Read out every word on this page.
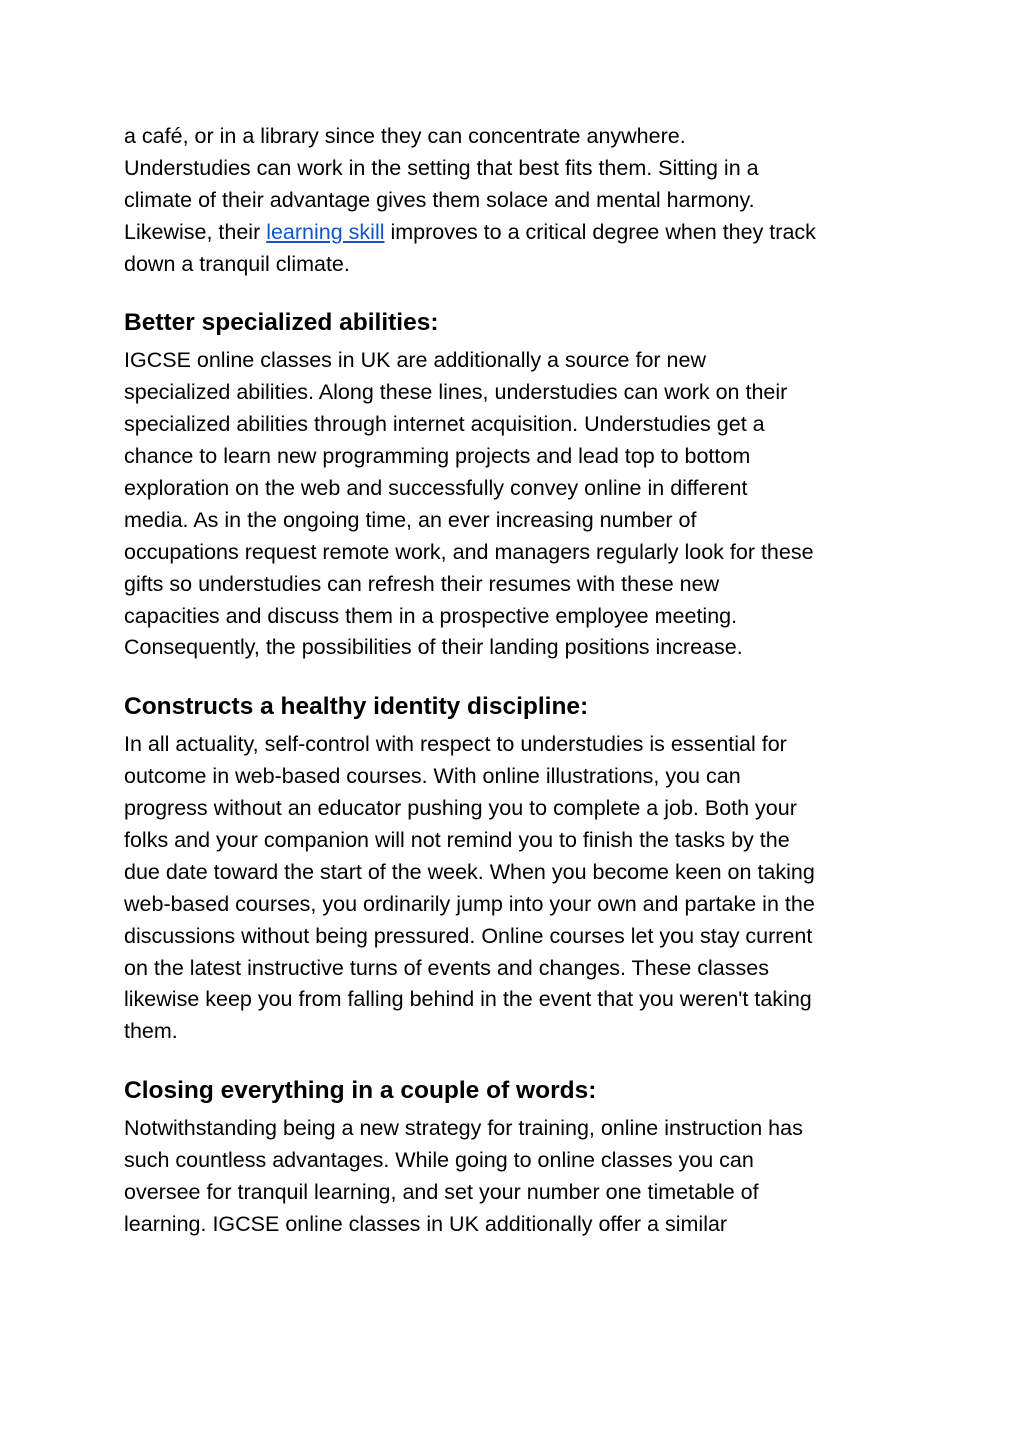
a café, or in a library since they can concentrate anywhere.
Understudies can work in the setting that best fits them. Sitting in a
climate of their advantage gives them solace and mental harmony.
Likewise, their learning skill improves to a critical degree when they track
down a tranquil climate.

Better specialized abilities:

IGCSE online classes in UK are additionally a source for new
specialized abilities. Along these lines, understudies can work on their
specialized abilities through internet acquisition. Understudies get a
chance to learn new programming projects and lead top to bottom
exploration on the web and successfully convey online in different
media. As in the ongoing time, an ever increasing number of
occupations request remote work, and managers regularly look for these
gifts so understudies can refresh their resumes with these new
capacities and discuss them in a prospective employee meeting.
Consequently, the possibilities of their landing positions increase.

Constructs a healthy identity discipline:

In all actuality, self-control with respect to understudies is essential for
outcome in web-based courses. With online illustrations, you can
progress without an educator pushing you to complete a job. Both your
folks and your companion will not remind you to finish the tasks by the
due date toward the start of the week. When you become keen on taking
web-based courses, you ordinarily jump into your own and partake in the
discussions without being pressured. Online courses let you stay current
on the latest instructive turns of events and changes. These classes
likewise keep you from falling behind in the event that you weren't taking
them.

Closing everything in a couple of words:

Notwithstanding being a new strategy for training, online instruction has
such countless advantages. While going to online classes you can
oversee for tranquil learning, and set your number one timetable of
learning. IGCSE online classes in UK additionally offer a similar
